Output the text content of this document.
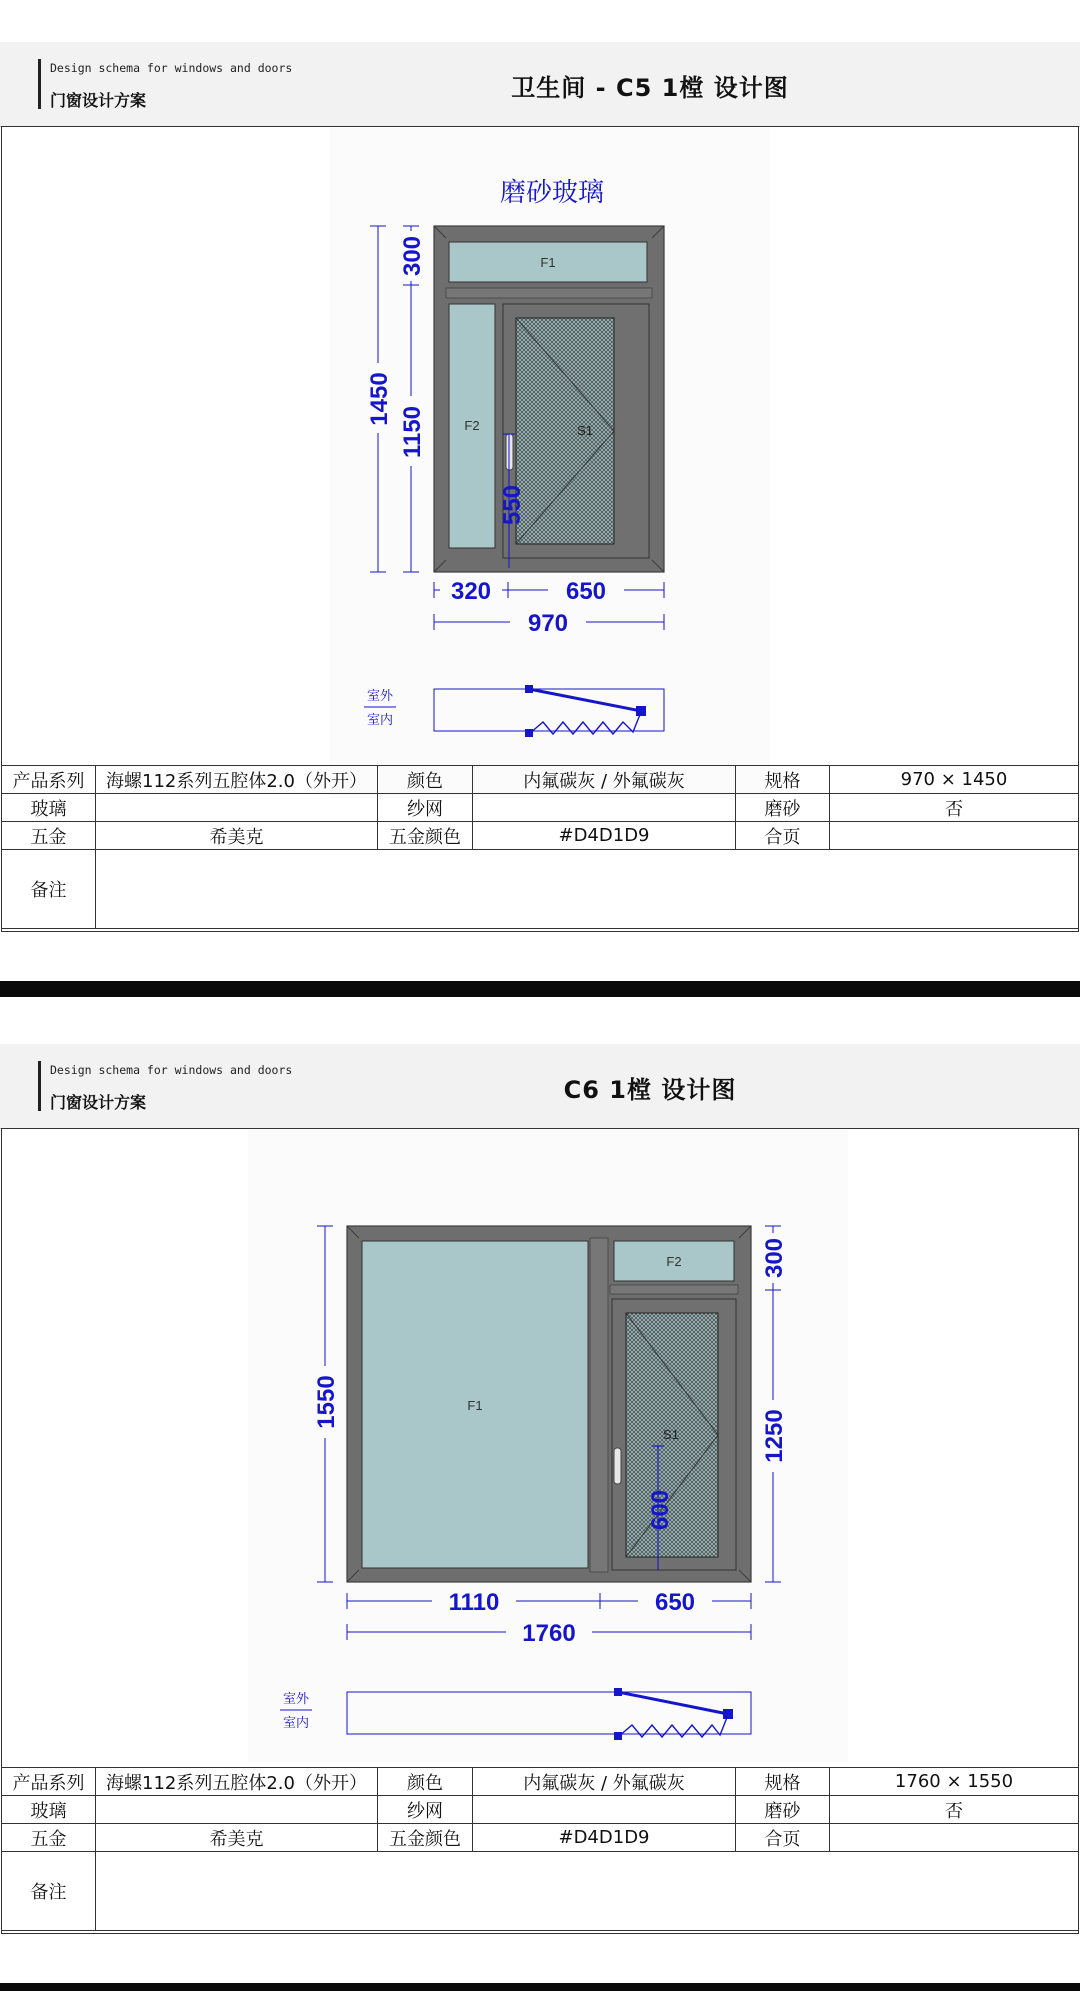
Design schema for windows and doors
门窗设计方案	卫生间 - C5 1樘 设计图
磨砂玻璃
F1
F2	S1
550
1450
300
1150
320	650
970
室外
室内
产品系列	海螺112系列五腔体2.0（外开）	颜色	内氟碳灰 / 外氟碳灰	规格	970 × 1450
玻璃		纱网		磨砂	否
五金	希美克	五金颜色	#D4D1D9	合页	
备注					
Design schema for windows and doors
门窗设计方案	C6 1樘 设计图
F1
F2
S1
600
1550
300
1250
1110	650
1760
室外
室内
产品系列	海螺112系列五腔体2.0（外开）	颜色	内氟碳灰 / 外氟碳灰	规格	1760 × 1550
玻璃		纱网		磨砂	否
五金	希美克	五金颜色	#D4D1D9	合页	
备注					
